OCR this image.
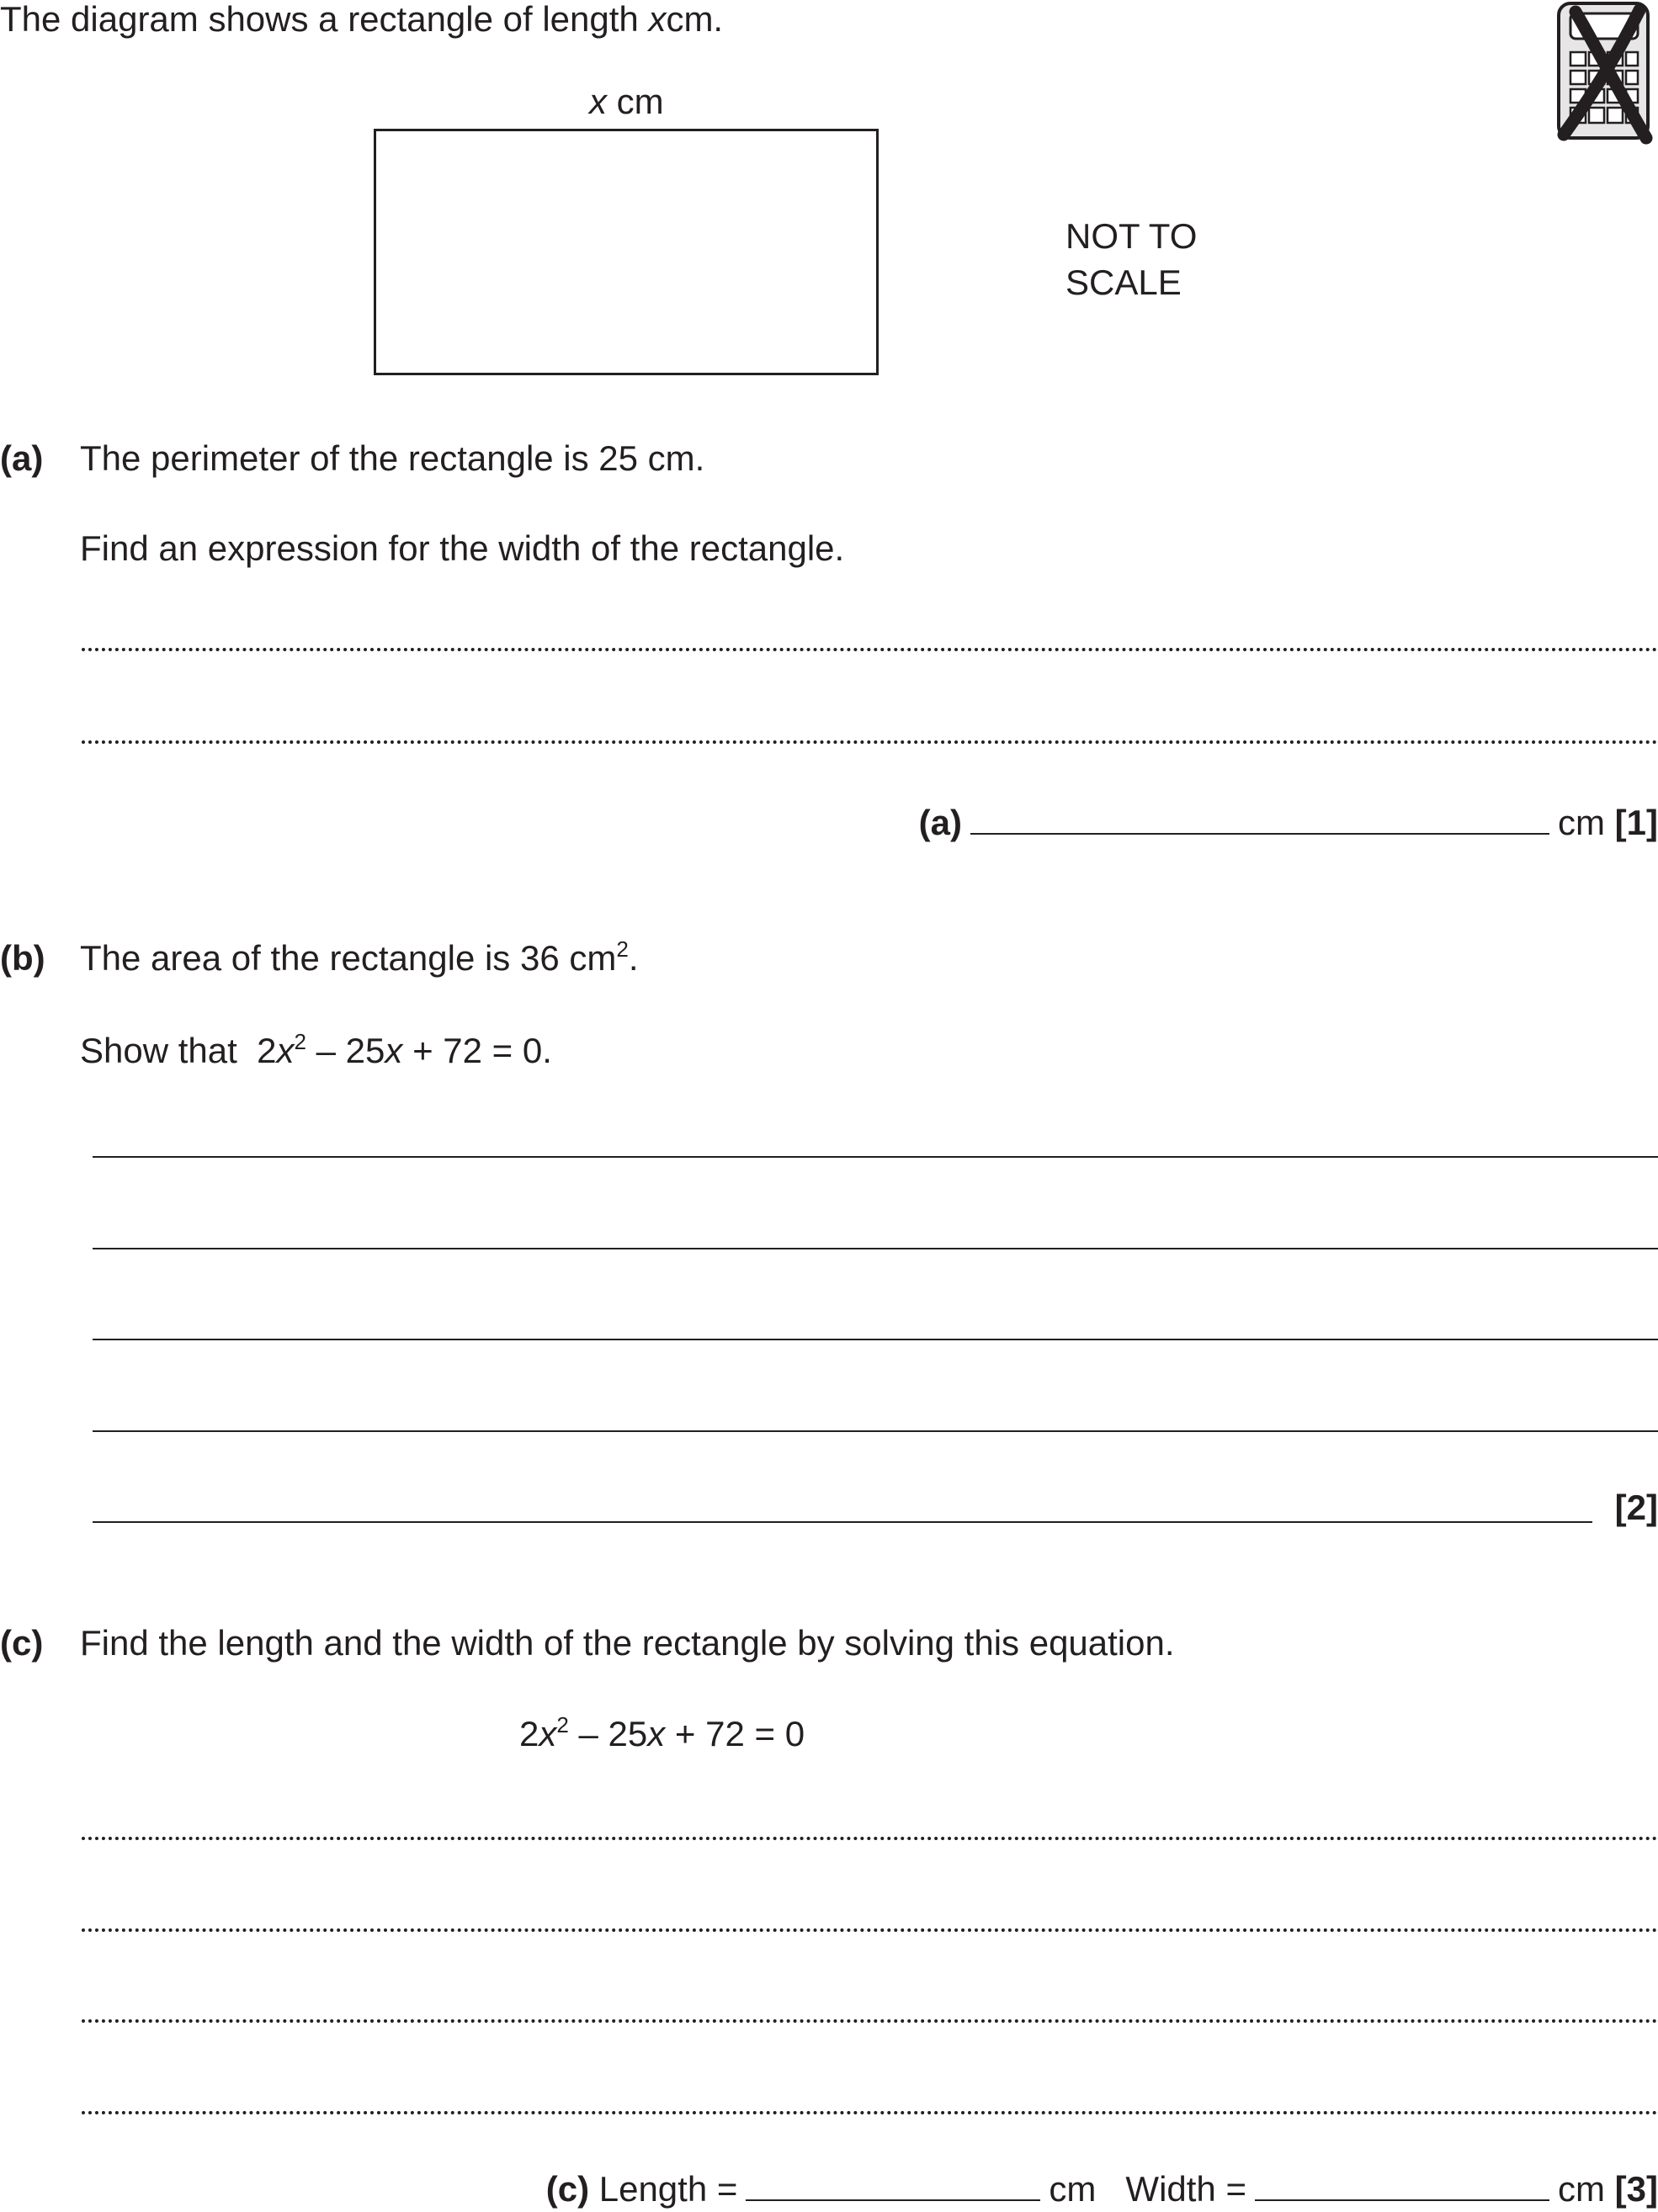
The diagram shows a rectangle of length xcm.
x cm
NOT TO
SCALE
(a) The perimeter of the rectangle is 25 cm.
Find an expression for the width of the rectangle.
(a)	cm [1]
(b) The area of the rectangle is 36 $cm^2$.
Show that $2x^2 - 25x + 72 = 0$.
[2]
(c) Find the length and the width of the rectangle by solving this equation.
$2x^2 - 25x + 72 = 0$
(c) Length =	cm Width =	cm [3]
